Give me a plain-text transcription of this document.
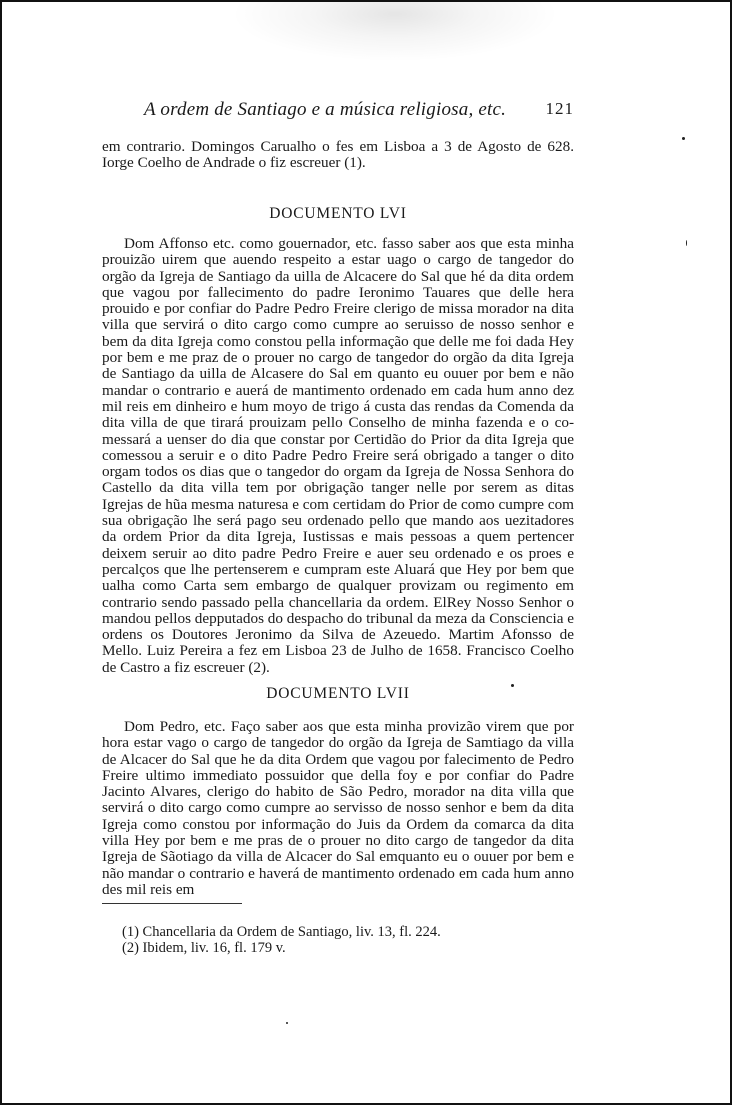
A ordem de Santiago e a música religiosa, etc. 121

em contrario. Domingos Carualho o fes em Lisboa a 3 de Agosto de 628. Iorge Coelho de Andrade o fiz escreuer (1).

DOCUMENTO LVI

Dom Affonso etc. como gouernador, etc. fasso saber aos que esta minha prouizão uirem que auendo respeito a estar uago o cargo de tangedor do orgão da Igreja de Santiago da uilla de Alcacere do Sal que hé da dita ordem que vagou por fallecimento do padre Ieronimo Tauares que delle hera prouido e por confiar do Padre Pedro Freire clerigo de missa morador na dita villa que servirá o dito cargo como cumpre ao seruisso de nosso senhor e bem da dita Igreja como constou pella informação que delle me foi dada Hey por bem e me praz de o prouer no cargo de tangedor do orgão da dita Igreja de Santiago da uilla de Alcasere do Sal em quanto eu ouuer por bem e não mandar o contrario e auerá de mantimento ordenado em cada hum anno dez mil reis em dinheiro e hum moyo de trigo á custa das rendas da Comenda da dita villa de que tirará prouizam pello Conselho de minha fazenda e o comessará a uenser do dia que constar por Certidão do Prior da dita Igreja que comessou a seruir e o dito Padre Pedro Freire será obrigado a tanger o dito orgam todos os dias que o tangedor do orgam da Igreja de Nossa Senhora do Castello da dita villa tem por obrigação tanger nelle por serem as ditas Igrejas de hũa mesma naturesa e com certidam do Prior de como cumpre com sua obrigação lhe será pago seu ordenado pello que mando aos uezitadores da ordem Prior da dita Igreja, Iustissas e mais pessoas a quem pertencer deixem seruir ao dito padre Pedro Freire e auer seu ordenado e os proes e percalços que lhe pertenserem e cumpram este Aluará que Hey por bem que ualha como Carta sem embargo de qualquer provizam ou regimento em contrario sendo passado pella chancellaria da ordem. ElRey Nosso Senhor o mandou pellos depputados do despacho do tribunal da meza da Consciencia e ordens os Doutores Jeronimo da Silva de Azeuedo. Martim Afonsso de Mello. Luiz Pereira a fez em Lisboa 23 de Julho de 1658. Francisco Coelho de Castro a fiz escreuer (2).

DOCUMENTO LVII

Dom Pedro, etc. Faço saber aos que esta minha provizão virem que por hora estar vago o cargo de tangedor do orgão da Igreja de Samtiago da villa de Alcacer do Sal que he da dita Ordem que vagou por falecimento de Pedro Freire ultimo immediato possuidor que della foy e por confiar do Padre Jacinto Alvares, clerigo do habito de São Pedro, morador na dita villa que servirá o dito cargo como cumpre ao servisso de nosso senhor e bem da dita Igreja como constou por informação do Juis da Ordem da comarca da dita villa Hey por bem e me pras de o prouer no dito cargo de tangedor da dita Igreja de Sãotiago da villa de Alcacer do Sal emquanto eu o ouuer por bem e não mandar o contrario e haverá de mantimento ordenado em cada hum anno des mil reis em

(1) Chancellaria da Ordem de Santiago, liv. 13, fl. 224.
(2) Ibidem, liv. 16, fl. 179 v.
